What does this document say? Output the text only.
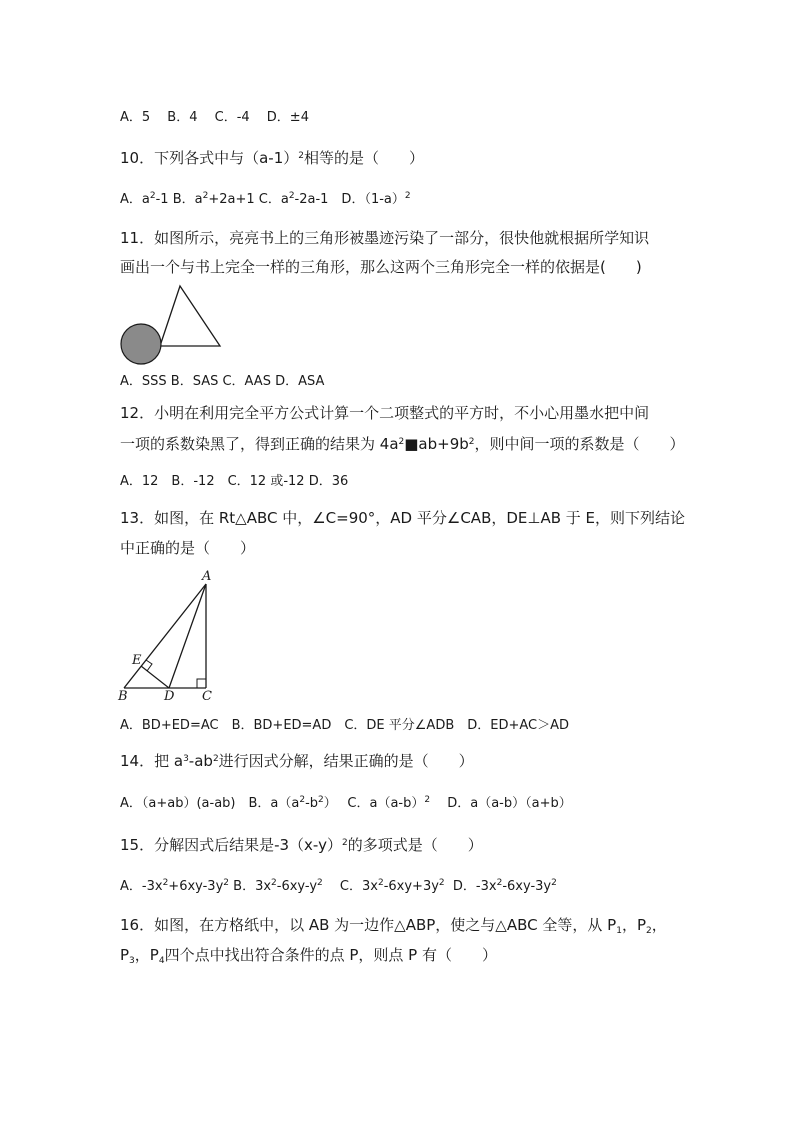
A．5　 B．4　 C．-4　 D．±4
10．下列各式中与$(a-1)^2$相等的是（　　）
A．$a^2-1$ B．$a^2+2a+1$ C．$a^2-2a-1$　D．$(1-a)^2$
11．如图所示，亮亮书上的三角形被墨迹污染了一部分，很快他就根据所学知识
画出一个与书上完全一样的三角形，那么这两个三角形完全一样的依据是(　　)
A．SSS B．SAS C．AAS D．ASA
12．小明在利用完全平方公式计算一个二项整式的平方时，不小心用墨水把中间
一项的系数染黑了，得到正确的结果为 $4a^2■ab+9b^2$，则中间一项的系数是（　　）
A．12　B．-12　C．12 或-12 D．36
13．如图，在 Rt△ABC 中，∠C=90°，AD 平分∠CAB，DE⊥AB 于 E，则下列结论
中正确的是（　　）
A
E
B	D C
A．BD+ED=AC　B．BD+ED=AD　C．DE 平分∠ADB　D．ED+AC＞AD
14．把 $a^3-ab^2$进行因式分解，结果正确的是（　　）
A．（a+ab）(a-ab)　B．$a(a^2-b^2)$　 C．$a(a-b)^2$　 D．a（a-b）（a+b）
15．分解因式后结果是$-3(x-y)^2$的多项式是（　　）
A．$-3x^2+6xy-3y^2$ B．$3x^2-6xy-y^2$　 C．$3x^2-6xy+3y^2$  D．$-3x^2-6xy-3y^2$
16．如图，在方格纸中，以 AB 为一边作△ABP，使之与△ABC 全等，从 $P_1$，$P_2$，
$P_3$，$P_4$四个点中找出符合条件的点 P，则点 P 有（　　）
